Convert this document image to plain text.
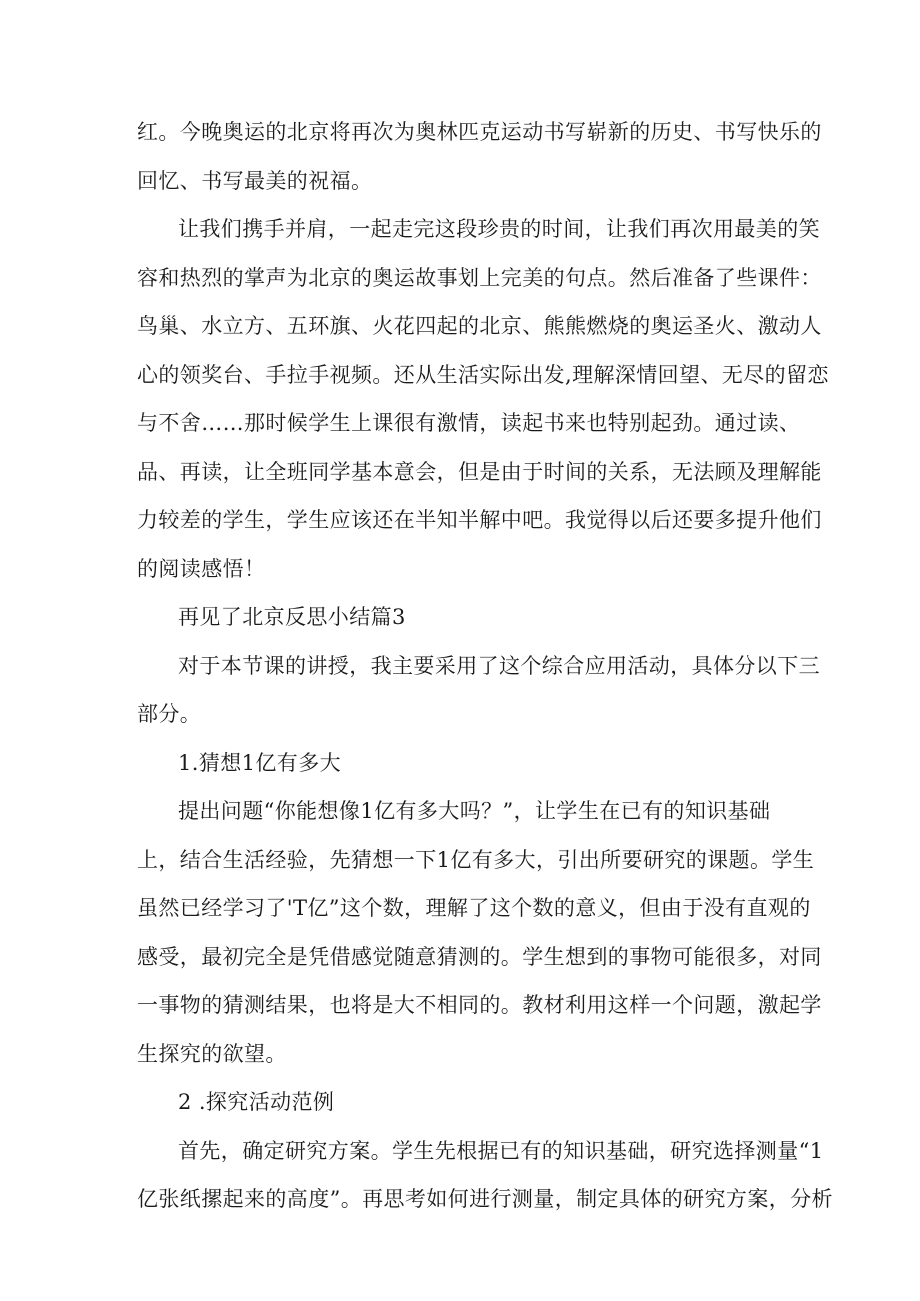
红。今晚奥运的北京将再次为奥林匹克运动书写崭新的历史、书写快乐的
回忆、书写最美的祝福。
让我们携手并肩，一起走完这段珍贵的时间，让我们再次用最美的笑
容和热烈的掌声为北京的奥运故事划上完美的句点。然后准备了些课件：
鸟巢、水立方、五环旗、火花四起的北京、熊熊燃烧的奥运圣火、激动人
心的领奖台、手拉手视频。还从生活实际出发,理解深情回望、无尽的留恋
与不舍……那时候学生上课很有激情，读起书来也特别起劲。通过读、
品、再读，让全班同学基本意会，但是由于时间的关系，无法顾及理解能
力较差的学生，学生应该还在半知半解中吧。我觉得以后还要多提升他们
的阅读感悟！
再见了北京反思小结篇3
对于本节课的讲授，我主要采用了这个综合应用活动，具体分以下三
部分。
1.猜想1亿有多大
提出问题“你能想像1亿有多大吗？”，让学生在已有的知识基础
上，结合生活经验，先猜想一下1亿有多大，引出所要研究的课题。学生
虽然已经学习了'T亿”这个数，理解了这个数的意义，但由于没有直观的
感受，最初完全是凭借感觉随意猜测的。学生想到的事物可能很多，对同
一事物的猜测结果，也将是大不相同的。教材利用这样一个问题，激起学
生探究的欲望。
2 .探究活动范例
首先，确定研究方案。学生先根据已有的知识基础，研究选择测量“1
亿张纸摞起来的高度”。再思考如何进行测量，制定具体的研究方案，分析
